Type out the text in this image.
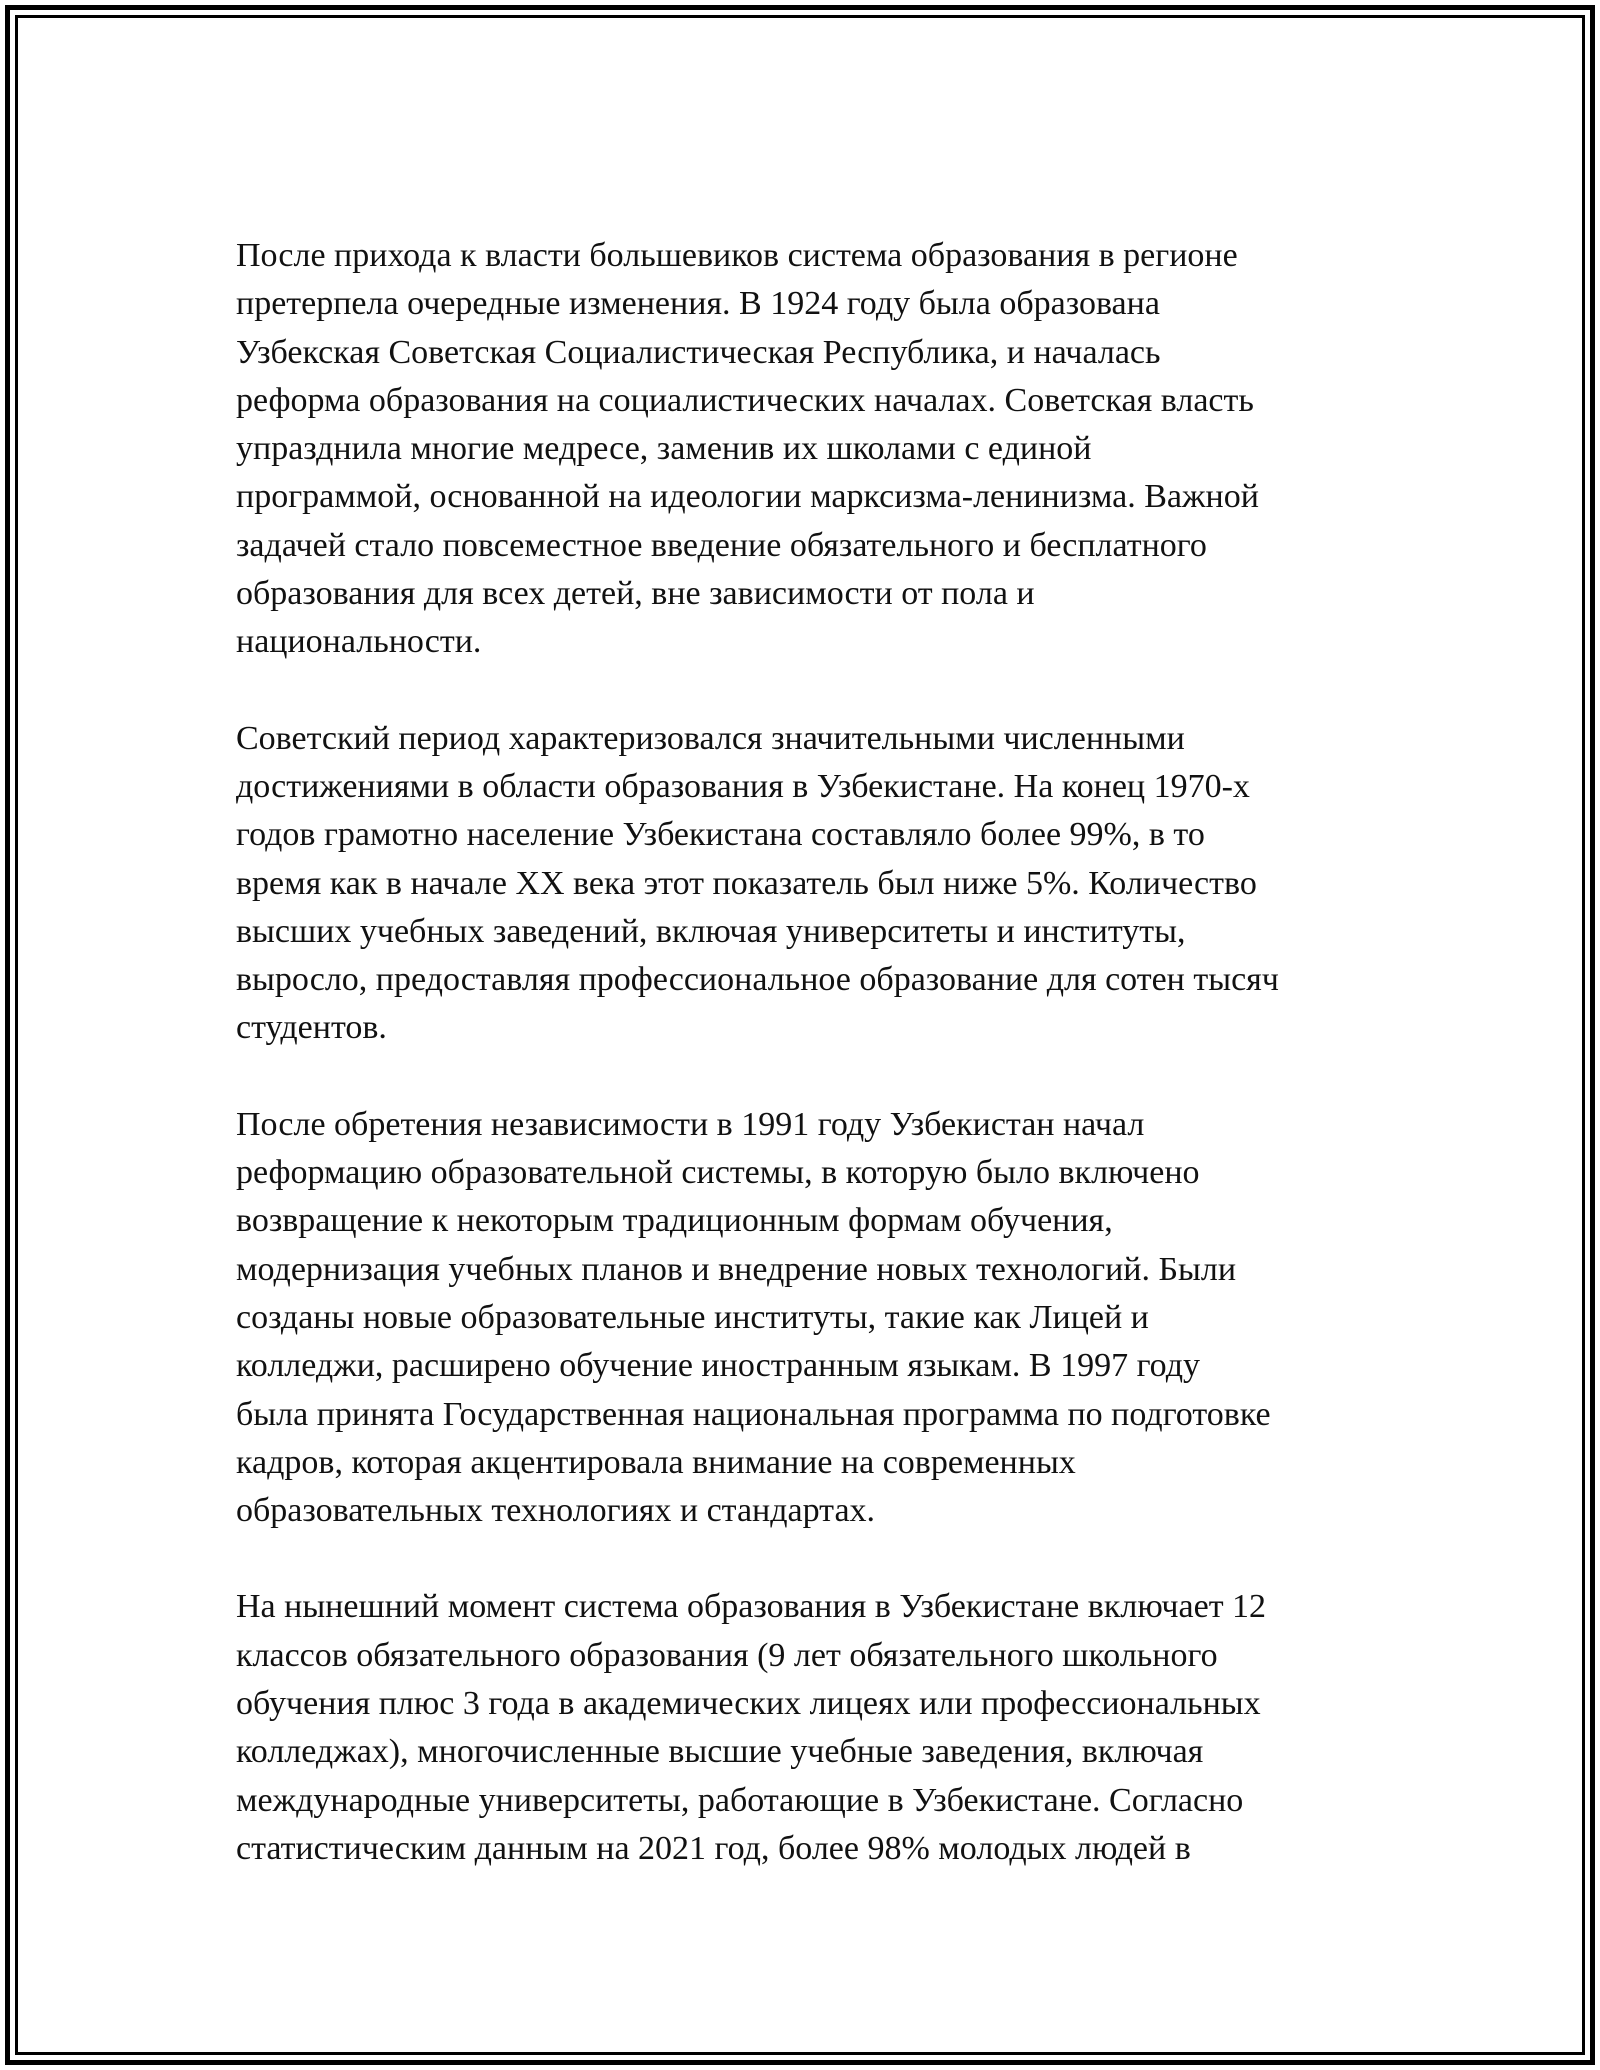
После прихода к власти большевиков система образования в регионе
претерпела очередные изменения. В 1924 году была образована
Узбекская Советская Социалистическая Республика, и началась
реформа образования на социалистических началах. Советская власть
упразднила многие медресе, заменив их школами с единой
программой, основанной на идеологии марксизма-ленинизма. Важной
задачей стало повсеместное введение обязательного и бесплатного
образования для всех детей, вне зависимости от пола и
национальности.

Советский период характеризовался значительными численными
достижениями в области образования в Узбекистане. На конец 1970-х
годов грамотно население Узбекистана составляло более 99%, в то
время как в начале XX века этот показатель был ниже 5%. Количество
высших учебных заведений, включая университеты и институты,
выросло, предоставляя профессиональное образование для сотен тысяч
студентов.

После обретения независимости в 1991 году Узбекистан начал
реформацию образовательной системы, в которую было включено
возвращение к некоторым традиционным формам обучения,
модернизация учебных планов и внедрение новых технологий. Были
созданы новые образовательные институты, такие как Лицей и
колледжи, расширено обучение иностранным языкам. В 1997 году
была принята Государственная национальная программа по подготовке
кадров, которая акцентировала внимание на современных
образовательных технологиях и стандартах.

На нынешний момент система образования в Узбекистане включает 12
классов обязательного образования (9 лет обязательного школьного
обучения плюс 3 года в академических лицеях или профессиональных
колледжах), многочисленные высшие учебные заведения, включая
международные университеты, работающие в Узбекистане. Согласно
статистическим данным на 2021 год, более 98% молодых людей в
